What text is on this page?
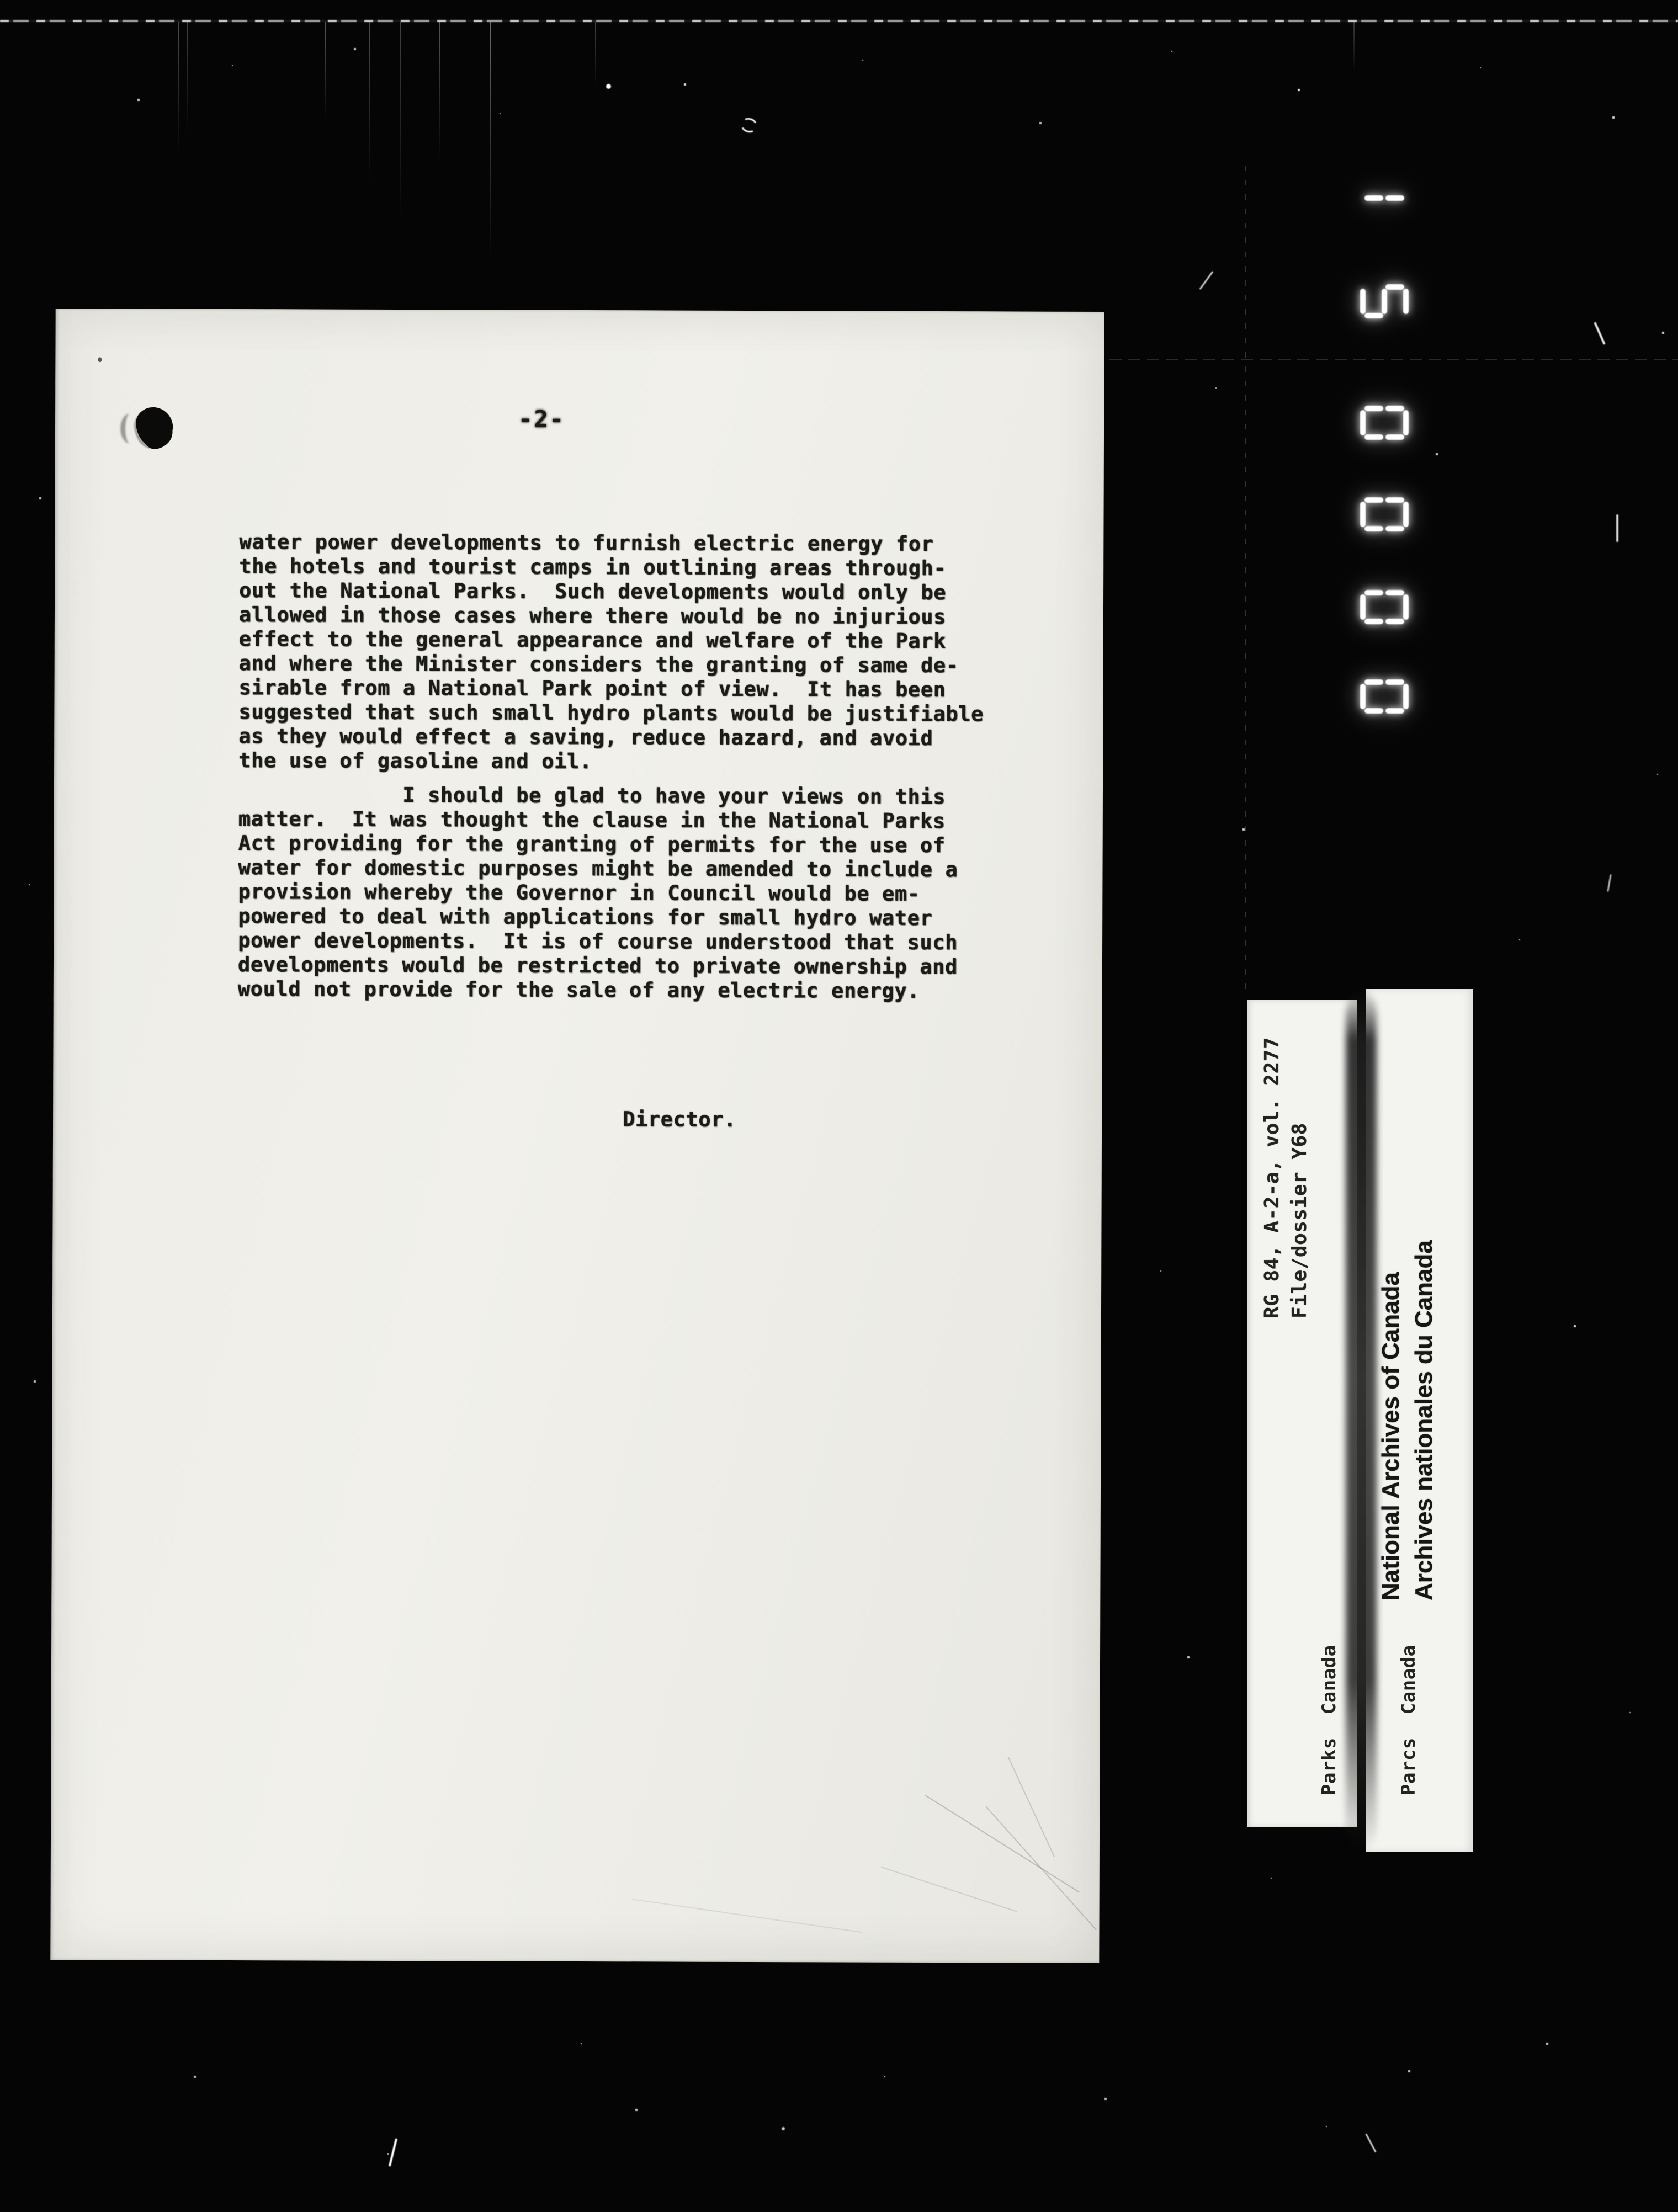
-2-
water power developments to furnish electric energy for
the hotels and tourist camps in outlining areas through-
out the National Parks.  Such developments would only be
allowed in those cases where there would be no injurious
effect to the general appearance and welfare of the Park
and where the Minister considers the granting of same de-
sirable from a National Park point of view.  It has been
suggested that such small hydro plants would be justifiable
as they would effect a saving, reduce hazard, and avoid
the use of gasoline and oil.
I should be glad to have your views on this
matter.  It was thought the clause in the National Parks
Act providing for the granting of permits for the use of
water for domestic purposes might be amended to include a
provision whereby the Governor in Council would be em-
powered to deal with applications for small hydro water
power developments.  It is of course understood that such
developments would be restricted to private ownership and
would not provide for the sale of any electric energy.
Director.	RG 84, A-2-a, vol. 2277 File/dossier Y68
National Archives of Canada Archives nationales du Canada

Parks  Canada

	Parcs  Canada
